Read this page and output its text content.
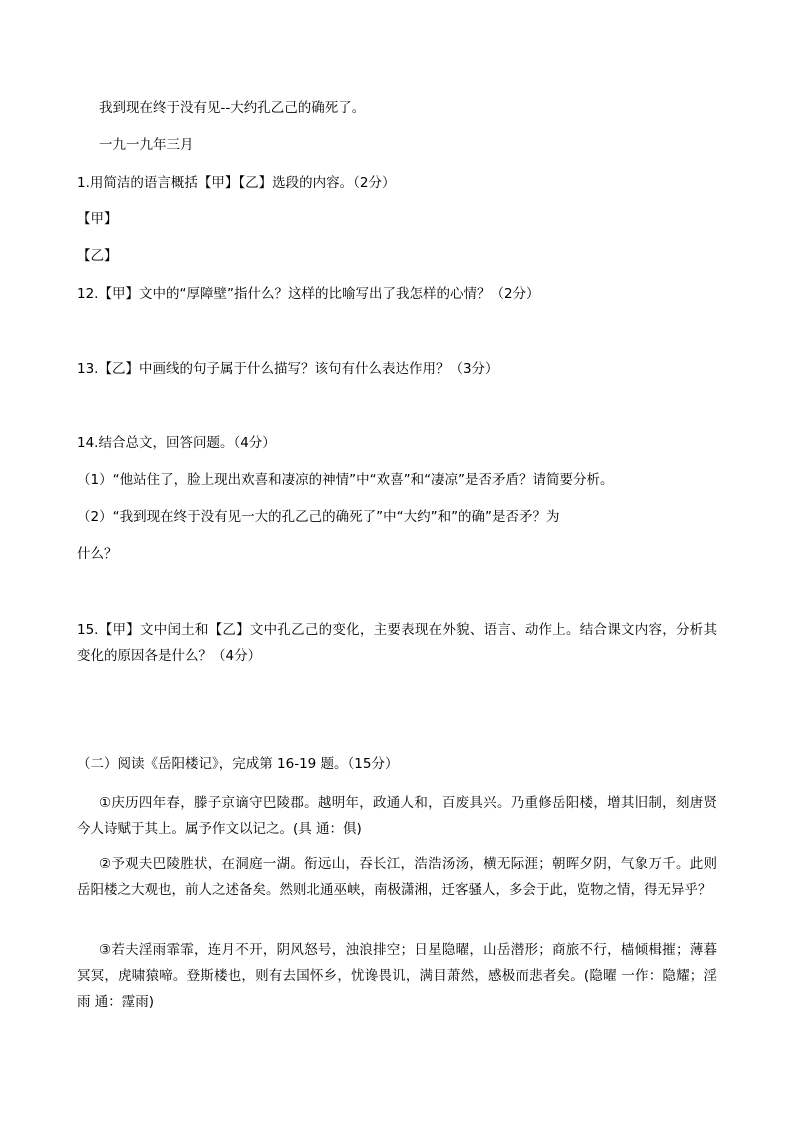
我到现在终于没有见--大约孔乙己的确死了。

一九一九年三月

1.用简洁的语言概括【甲】【乙】选段的内容。（2分）

【甲】

【乙】

12.【甲】文中的“厚障壁”指什么？这样的比喻写出了我怎样的心情？（2分）

13.【乙】中画线的句子属于什么描写？该句有什么表达作用？（3分）

14.结合总文，回答问题。（4分）

（1）“他站住了，脸上现出欢喜和凄凉的神情”中“欢喜”和“凄凉”是否矛盾？请简要分析。

（2）“我到现在终于没有见一大的孔乙己的确死了”中“大约”和”的确”是否矛？为

什么？

15.【甲】文中闰土和【乙】文中孔乙己的变化，主要表现在外貌、语言、动作上。结合课文内容，分析其变化的原因各是什么？（4分）

（二）阅读《岳阳楼记》，完成第 16-19 题。（15分）

①庆历四年春，滕子京谪守巴陵郡。越明年，政通人和，百废具兴。乃重修岳阳楼，增其旧制，刻唐贤今人诗赋于其上。属予作文以记之。(具 通：俱)

②予观夫巴陵胜状，在洞庭一湖。衔远山，吞长江，浩浩汤汤，横无际涯；朝晖夕阴，气象万千。此则岳阳楼之大观也，前人之述备矣。然则北通巫峡，南极潇湘，迁客骚人，多会于此，览物之情，得无异乎？

③若夫淫雨霏霏，连月不开，阴风怒号，浊浪排空；日星隐曜，山岳潜形；商旅不行，樯倾楫摧；薄暮冥冥，虎啸猿啼。登斯楼也，则有去国怀乡，忧谗畏讥，满目萧然，感极而悲者矣。(隐曜 一作：隐耀；淫雨 通：霪雨)
